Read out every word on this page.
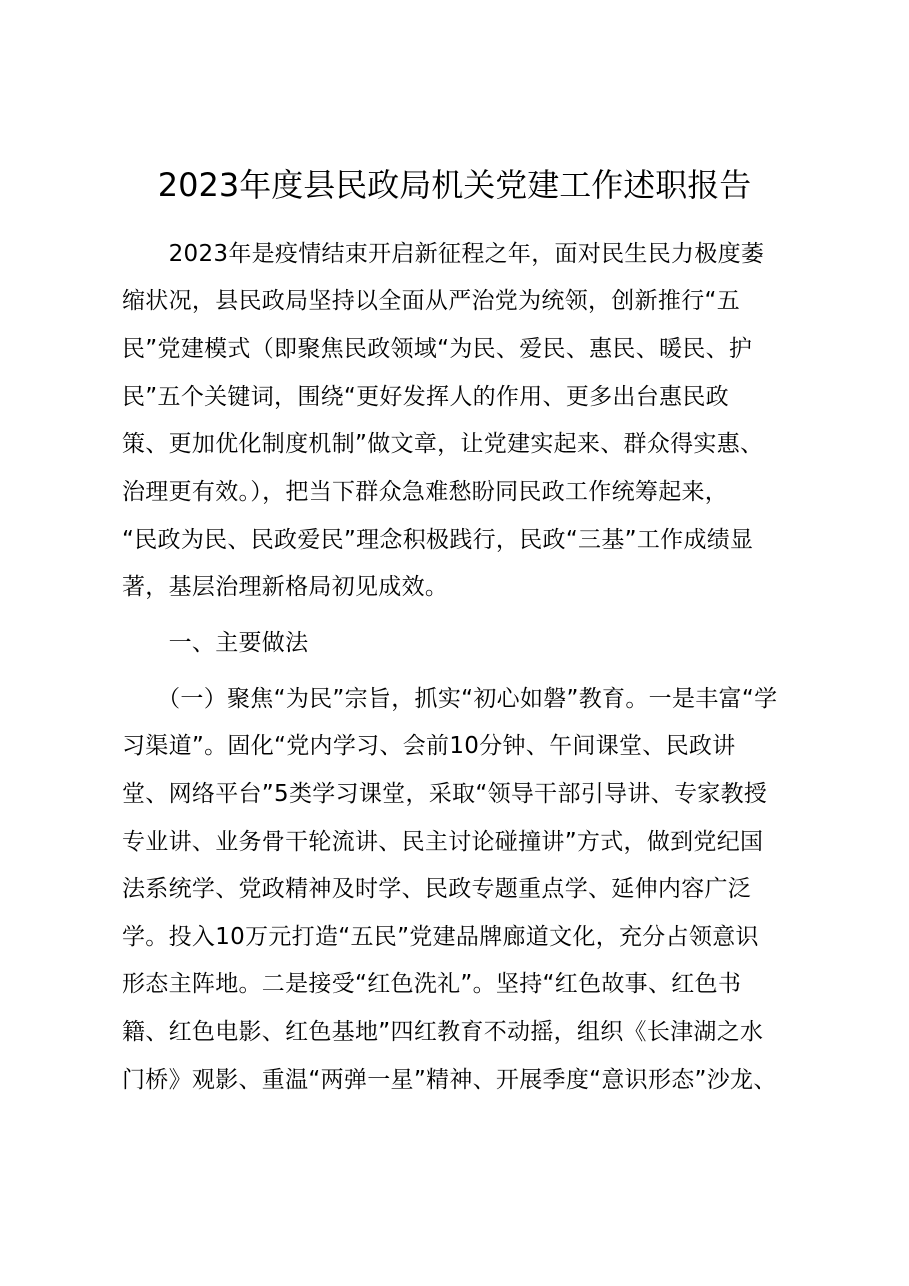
2023年度县民政局机关党建工作述职报告
　　2023年是疫情结束开启新征程之年，面对民生民力极度萎
缩状况，县民政局坚持以全面从严治党为统领，创新推行“五
民”党建模式（即聚焦民政领域“为民、爱民、惠民、暖民、护
民”五个关键词，围绕“更好发挥人的作用、更多出台惠民政
策、更加优化制度机制”做文章，让党建实起来、群众得实惠、
治理更有效。），把当下群众急难愁盼同民政工作统筹起来，
“民政为民、民政爱民”理念积极践行，民政“三基”工作成绩显
著，基层治理新格局初见成效。
　　一、主要做法
　　（一）聚焦“为民”宗旨，抓实“初心如磐”教育。一是丰富“学
习渠道”。固化“党内学习、会前10分钟、午间课堂、民政讲
堂、网络平台”5类学习课堂，采取“领导干部引导讲、专家教授
专业讲、业务骨干轮流讲、民主讨论碰撞讲”方式，做到党纪国
法系统学、党政精神及时学、民政专题重点学、延伸内容广泛
学。投入10万元打造“五民”党建品牌廊道文化，充分占领意识
形态主阵地。二是接受“红色洗礼”。坚持“红色故事、红色书
籍、红色电影、红色基地”四红教育不动摇，组织《长津湖之水
门桥》观影、重温“两弹一星”精神、开展季度“意识形态”沙龙、
